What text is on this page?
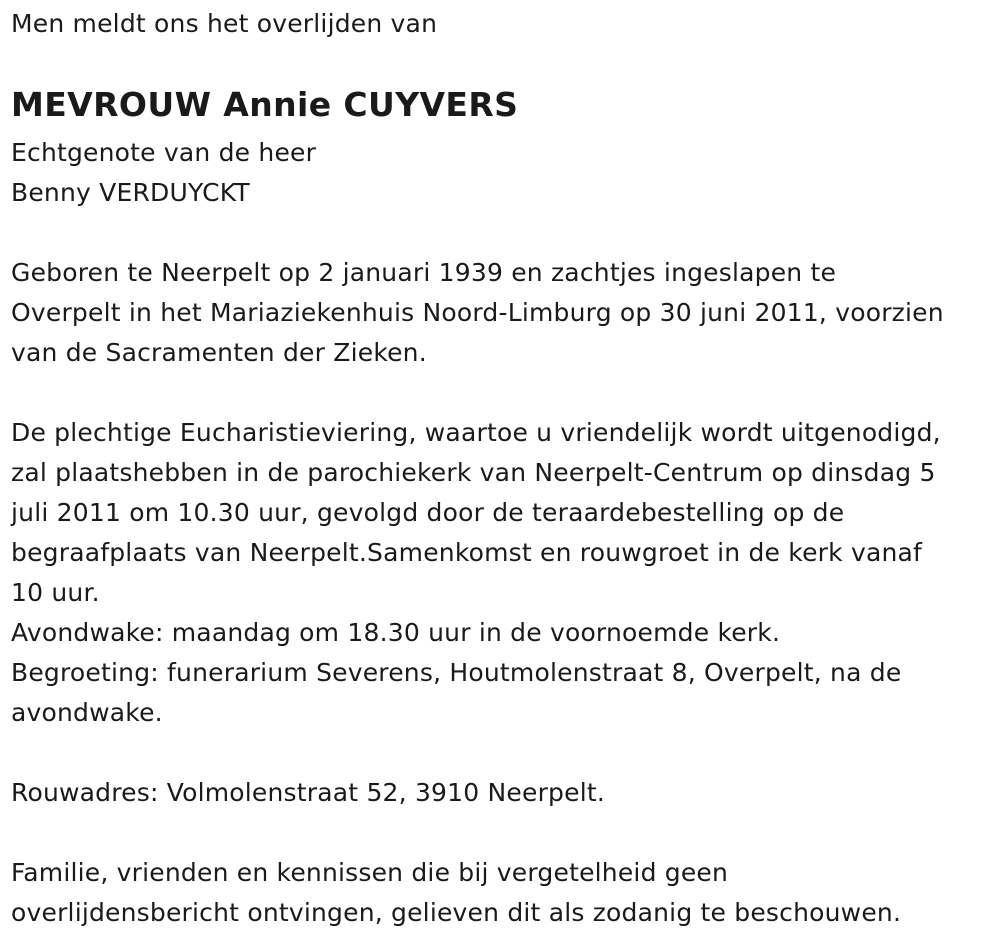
Men meldt ons het overlijden van
MEVROUW Annie CUYVERS
Echtgenote van de heer
Benny VERDUYCKT
Geboren te Neerpelt op 2 januari 1939 en zachtjes ingeslapen te
Overpelt in het Mariaziekenhuis Noord-Limburg op 30 juni 2011, voorzien
van de Sacramenten der Zieken.
De plechtige Eucharistieviering, waartoe u vriendelijk wordt uitgenodigd,
zal plaatshebben in de parochiekerk van Neerpelt-Centrum op dinsdag 5
juli 2011 om 10.30 uur, gevolgd door de teraardebestelling op de
begraafplaats van Neerpelt.Samenkomst en rouwgroet in de kerk vanaf
10 uur.
Avondwake: maandag om 18.30 uur in de voornoemde kerk.
Begroeting: funerarium Severens, Houtmolenstraat 8, Overpelt, na de
avondwake.
Rouwadres: Volmolenstraat 52, 3910 Neerpelt.
Familie, vrienden en kennissen die bij vergetelheid geen
overlijdensbericht ontvingen, gelieven dit als zodanig te beschouwen.
